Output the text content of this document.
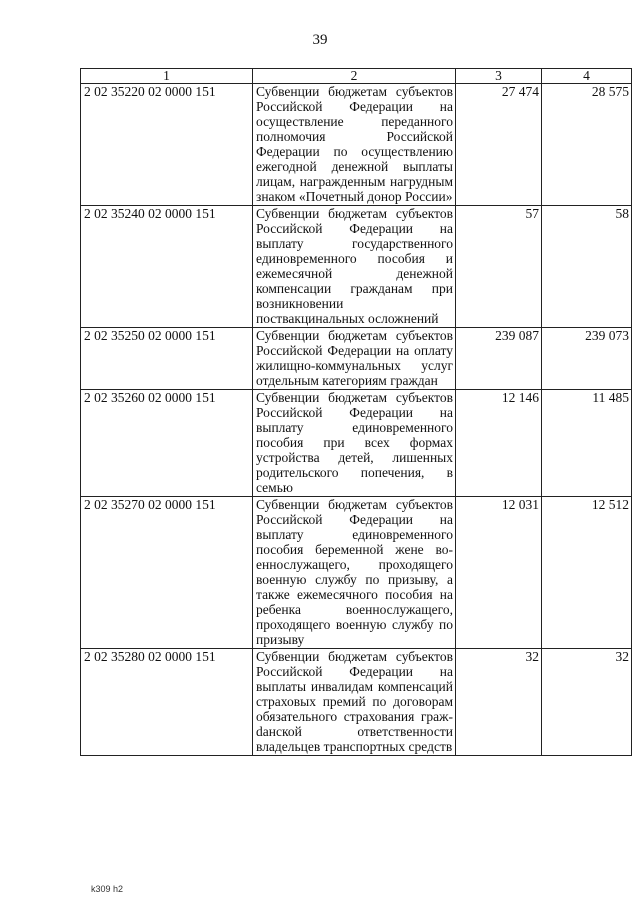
39
1	2	3	4
2 02 35220 02 0000 151	Субвенции бюджетам субъектов Российской Федерации на осуществление переданного полномочия Российской Федерации по осуществлению ежегодной денежной выплаты лицам, награжденным нагрудным знаком «Почетный донор России»	27 474	28 575
2 02 35240 02 0000 151	Субвенции бюджетам субъектов Российской Федерации на выплату государственного единовременного пособия и ежемесячной денежной компенсации гражданам при возникновении поствакцинальных осложнений	57	58
2 02 35250 02 0000 151	Субвенции бюджетам субъектов Российской Федерации на оплату жилищно-коммунальных услуг отдельным категориям граждан	239 087	239 073
2 02 35260 02 0000 151	Субвенции бюджетам субъектов Российской Федерации на выплату единовременного пособия при всех формах устройства детей, лишенных родительского попечения, в семью	12 146	11 485
2 02 35270 02 0000 151	Субвенции бюджетам субъектов Российской Федерации на выплату единовременного пособия беременной жене военнослужащего, проходящего военную службу по призыву, а также ежемесячного пособия на ребенка военнослужащего, проходящего военную службу по призыву	12 031	12 512
2 02 35280 02 0000 151	Субвенции бюджетам субъектов Российской Федерации на выплаты инвалидам компенсаций страховых премий по договорам обязательного страхования гражdанской ответственности владельцев транспортных средств	32	32
k309 h2
